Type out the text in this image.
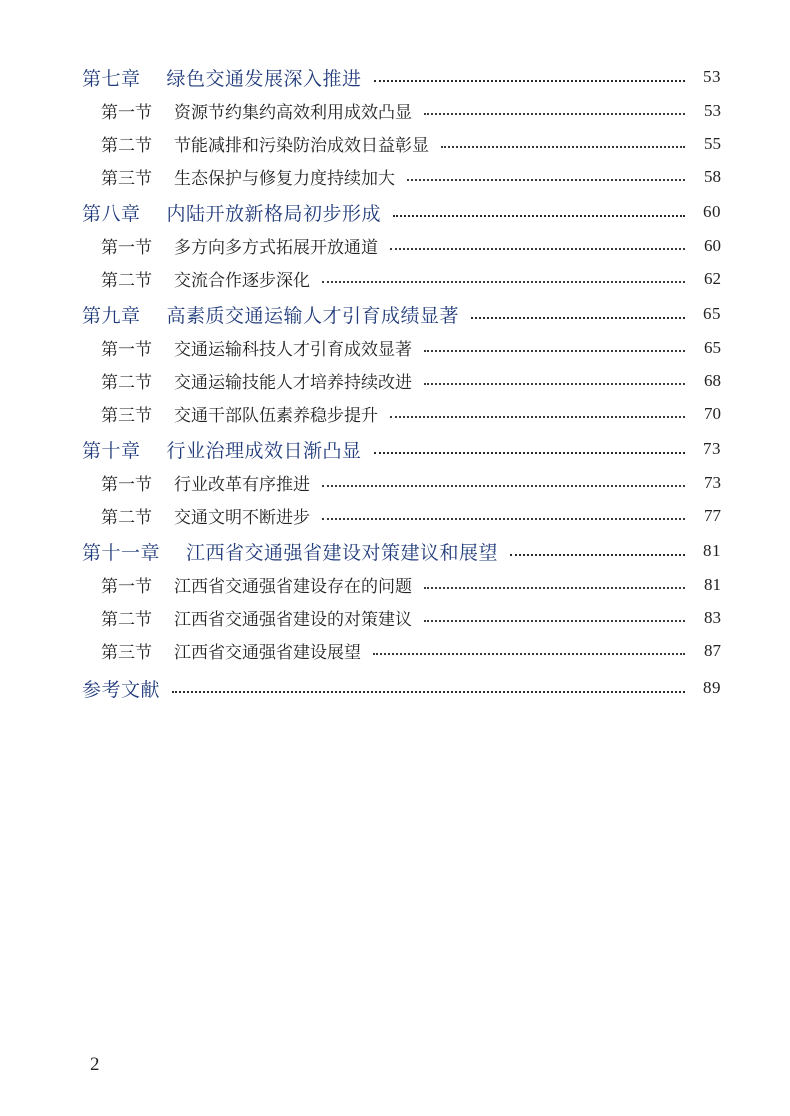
第七章 绿色交通发展深入推进	53
第一节 资源节约集约高效利用成效凸显	53
第二节 节能减排和污染防治成效日益彰显	55
第三节 生态保护与修复力度持续加大	58
第八章 内陆开放新格局初步形成	60
第一节 多方向多方式拓展开放通道	60
第二节 交流合作逐步深化	62
第九章 高素质交通运输人才引育成绩显著	65
第一节 交通运输科技人才引育成效显著	65
第二节 交通运输技能人才培养持续改进	68
第三节 交通干部队伍素养稳步提升	70
第十章 行业治理成效日渐凸显	73
第一节 行业改革有序推进	73
第二节 交通文明不断进步	77
第十一章 江西省交通强省建设对策建议和展望	81
第一节 江西省交通强省建设存在的问题	81
第二节 江西省交通强省建设的对策建议	83
第三节 江西省交通强省建设展望	87
参考文献	89
2
